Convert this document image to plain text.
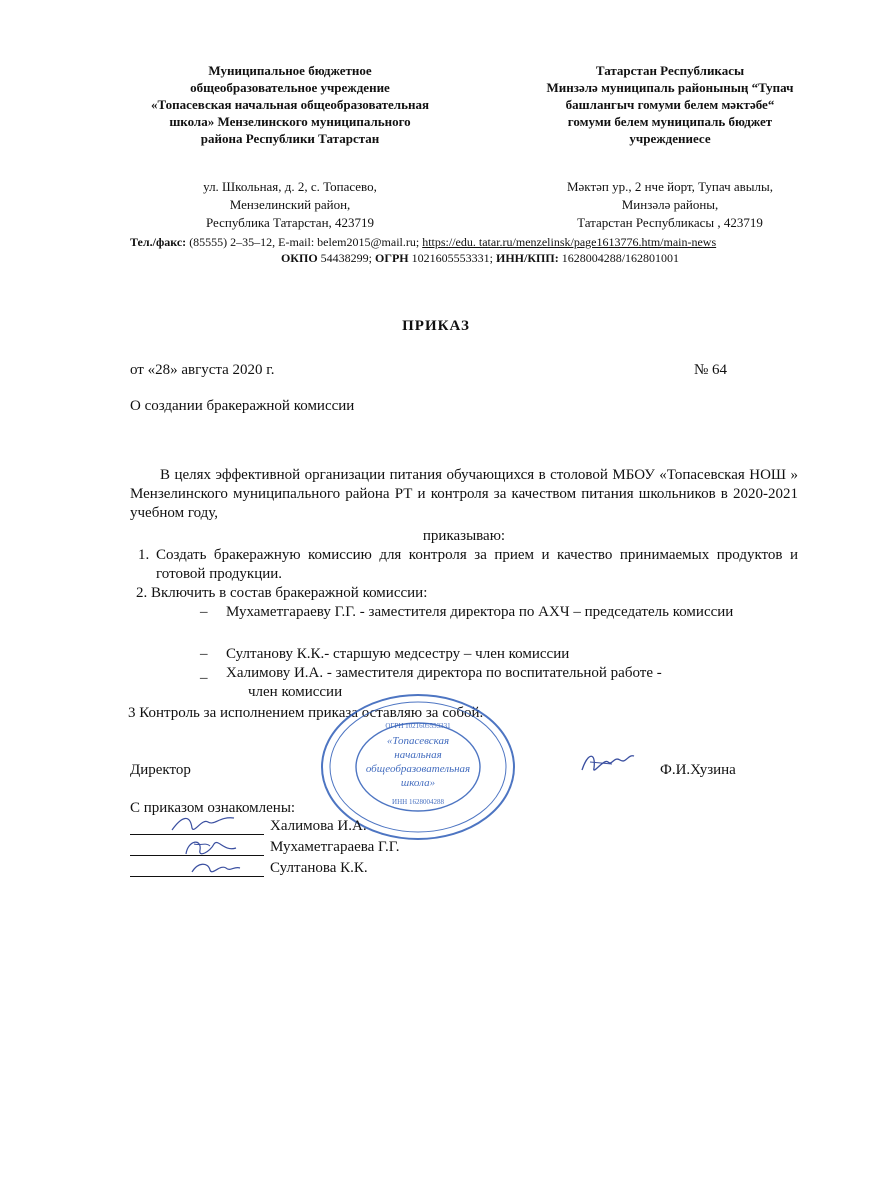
Муниципальное бюджетное
общеобразовательное учреждение
«Топасевская начальная общеобразовательная
школа» Мензелинского муниципального
района Республики Татарстан
Татарстан Республикасы
Минзәлә муниципаль районының “Тупач
башлангыч гомуми белем мәктәбе“
гомуми белем муниципаль бюджет
учреждениесе
ул. Школьная, д. 2, с. Топасево,
Мензелинский район,
Республика Татарстан, 423719
Мәктәп ур., 2 нче йорт, Тупач авылы,
Минзәлә районы,
Татарстан Республикасы , 423719
Тел./факс: (85555) 2–35–12, E-mail: belem2015@mail.ru; https://edu. tatar.ru/menzelinsk/page1613776.htm/main-news
ОКПО 54438299; ОГРН 1021605553331; ИНН/КПП: 1628004288/162801001
ПРИКАЗ
от «28» августа 2020 г.	№ 64
О создании бракеражной комиссии
В целях эффективной организации питания обучающихся в столовой МБОУ «Топасевская НОШ » Мензелинского муниципального района РТ и контроля за качеством питания школьников в 2020-2021 учебном году,
приказываю:
1. Создать бракеражную комиссию для контроля за прием и качество принимаемых продуктов и готовой продукции.
2. Включить в состав бракеражной комиссии:
– Мухаметгараеву Г.Г. - заместителя директора по АХЧ – председатель комиссии
– Султанову К.К.- старшую медсестру – член комиссии
_ Халимову И.А. - заместителя директора по воспитательной работе -
член комиссии
3 Контроль за исполнением приказа оставляю за собой.
«Топасевская
начальная
общеобразовательная
школа»
ОГРН 1021605553331
ИНН 1628004288
Директор	Ф.И.Хузина
С приказом ознакомлены:
Халимова И.А.
Мухаметгараева Г.Г.
Султанова К.К.
